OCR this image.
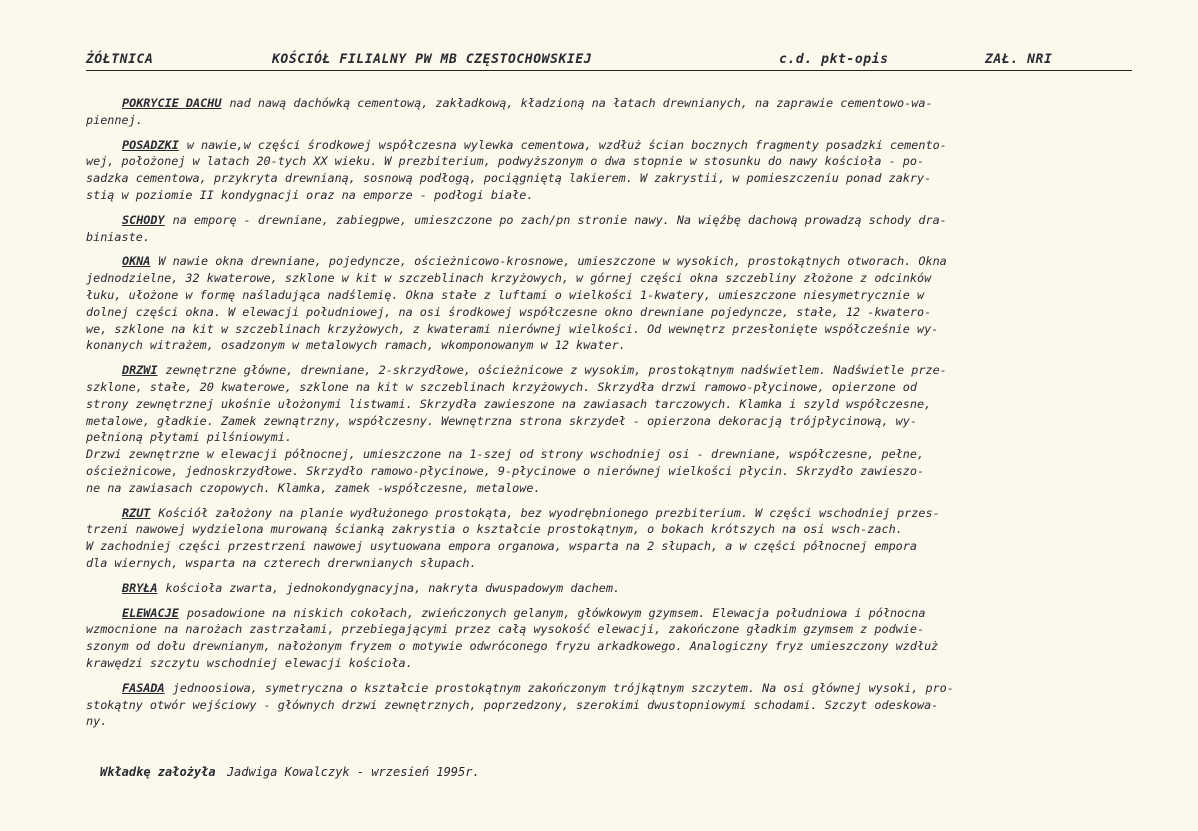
ŻÓŁTNICA	KOŚCIÓŁ FILIALNY PW MB CZĘSTOCHOWSKIEJ	c.d. pkt-opis	ZAŁ. NRI
POKRYCIE DACHU nad nawą dachówką cementową, zakładkową, kładzioną na łatach drewnianych, na zaprawie cementowo-wa-
piennej.
POSADZKI w nawie,w części środkowej współczesna wylewka cementowa, wzdłuż ścian bocznych fragmenty posadzki cemento-
wej, położonej w latach 20-tych XX wieku. W prezbiterium, podwyższonym o dwa stopnie w stosunku do nawy kościoła - po-
sadzka cementowa, przykryta drewnianą, sosnową podłogą, pociągniętą lakierem. W zakrystii, w pomieszczeniu ponad zakry-
stią w poziomie II kondygnacji oraz na emporze - podłogi białe.
SCHODY na emporę - drewniane, zabiegpwe, umieszczone po zach/pn stronie nawy. Na więźbę dachową prowadzą schody dra-
biniaste.
OKNA W nawie okna drewniane, pojedyncze, ościeżnicowo-krosnowe, umieszczone w wysokich, prostokątnych otworach. Okna
jednodzielne, 32 kwaterowe, szklone w kit w szczeblinach krzyżowych, w górnej części okna szczebliny złożone z odcinków
łuku, ułożone w formę naśladująca nadślemię. Okna stałe z luftami o wielkości 1-kwatery, umieszczone niesymetrycznie w
dolnej części okna. W elewacji południowej, na osi środkowej współczesne okno drewniane pojedyncze, stałe, 12 -kwatero-
we, szklone na kit w szczeblinach krzyżowych, z kwaterami nierównej wielkości. Od wewnętrz przesłonięte współcześnie wy-
konanych witrażem, osadzonym w metalowych ramach, wkomponowanym w 12 kwater.
DRZWI zewnętrzne główne, drewniane, 2-skrzydłowe, ościeżnicowe z wysokim, prostokątnym nadświetlem. Nadświetle prze-
szklone, stałe, 20 kwaterowe, szklone na kit w szczeblinach krzyżowych. Skrzydła drzwi ramowo-płycinowe, opierzone od
strony zewnętrznej ukośnie ułożonymi listwami. Skrzydła zawieszone na zawiasach tarczowych. Klamka i szyld współczesne,
metalowe, gładkie. Zamek zewnątrzny, współczesny. Wewnętrzna strona skrzydeł - opierzona dekoracją trójpłycinową, wy-
pełnioną płytami pilśniowymi.
Drzwi zewnętrzne w elewacji północnej, umieszczone na 1-szej od strony wschodniej osi - drewniane, współczesne, pełne,
ościeżnicowe, jednoskrzydłowe. Skrzydło ramowo-płycinowe, 9-płycinowe o nierównej wielkości płycin. Skrzydło zawieszo-
ne na zawiasach czopowych. Klamka, zamek -współczesne, metalowe.
RZUT Kościół założony na planie wydłużonego prostokąta, bez wyodrębnionego prezbiterium. W części wschodniej przes-
trzeni nawowej wydzielona murowaną ścianką zakrystia o kształcie prostokątnym, o bokach krótszych na osi wsch-zach.
W zachodniej części przestrzeni nawowej usytuowana empora organowa, wsparta na 2 słupach, a w części północnej empora
dla wiernych, wsparta na czterech drerwnianych słupach.
BRYŁA kościoła zwarta, jednokondygnacyjna, nakryta dwuspadowym dachem.
ELEWACJE posadowione na niskich cokołach, zwieńczonych gelanym, główkowym gzymsem. Elewacja południowa i północna
wzmocnione na narożach zastrzałami, przebiegającymi przez całą wysokość elewacji, zakończone gładkim gzymsem z podwie-
szonym od dołu drewnianym, nałożonym fryzem o motywie odwróconego fryzu arkadkowego. Analogiczny fryz umieszczony wzdłuż
krawędzi szczytu wschodniej elewacji kościoła.
FASADA jednoosiowa, symetryczna o kształcie prostokątnym zakończonym trójkątnym szczytem. Na osi głównej wysoki, pro-
stokątny otwór wejściowy - głównych drzwi zewnętrznych, poprzedzony, szerokimi dwustopniowymi schodami. Szczyt odeskowa-
ny.
Wkładkę założyła Jadwiga Kowalczyk - wrzesień 1995r.
